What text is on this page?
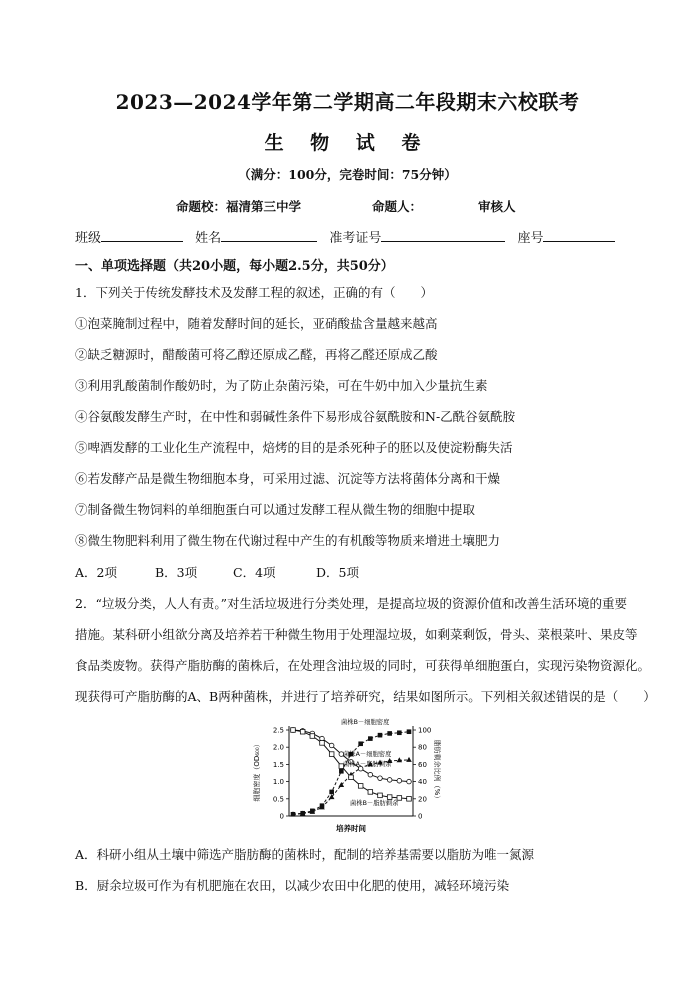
2023—2024学年第二学期高二年段期末六校联考
生 物 试 卷
（满分：100分，完卷时间：75分钟）
命题校：福清第三中学	命题人：	审核人
班级	姓名	准考证号	座号
一、单项选择题（共20小题，每小题2.5分，共50分）
1．下列关于传统发酵技术及发酵工程的叙述，正确的有（　　）
①泡菜腌制过程中，随着发酵时间的延长，亚硝酸盐含量越来越高
②缺乏糖源时，醋酸菌可将乙醇还原成乙醛，再将乙醛还原成乙酸
③利用乳酸菌制作酸奶时，为了防止杂菌污染，可在牛奶中加入少量抗生素
④谷氨酸发酵生产时，在中性和弱碱性条件下易形成谷氨酰胺和N-乙酰谷氨酰胺
⑤啤酒发酵的工业化生产流程中，焙烤的目的是杀死种子的胚以及使淀粉酶失活
⑥若发酵产品是微生物细胞本身，可采用过滤、沉淀等方法将菌体分离和干燥
⑦制备微生物饲料的单细胞蛋白可以通过发酵工程从微生物的细胞中提取
⑧微生物肥料利用了微生物在代谢过程中产生的有机酸等物质来增进土壤肥力
A．2项	B．3项	C．4项	D．5项
2．“垃圾分类，人人有责。”对生活垃圾进行分类处理，是提高垃圾的资源价值和改善生活环境的重要
措施。某科研小组欲分离及培养若干种微生物用于处理湿垃圾，如剩菜剩饭，骨头、菜根菜叶、果皮等
食品类废物。获得产脂肪酶的菌株后，在处理含油垃圾的同时，可获得单细胞蛋白，实现污染物资源化。
现获得可产脂肪酶的A、B两种菌株，并进行了培养研究，结果如图所示。下列相关叙述错误的是（　　）
0
0.5
1.0
1.5
2.0
2.5
0
20
40
60
80
100
菌株B－细胞密度
菌株A－细胞密度
菌株A－脂肪剩余
菌株B－脂肪剩余
细胞密度（OD₆₀₀）	脂肪剩余比例（%）
培养时间
A．科研小组从土壤中筛选产脂肪酶的菌株时，配制的培养基需要以脂肪为唯一氮源
B．厨余垃圾可作为有机肥施在农田，以减少农田中化肥的使用，减轻环境污染
